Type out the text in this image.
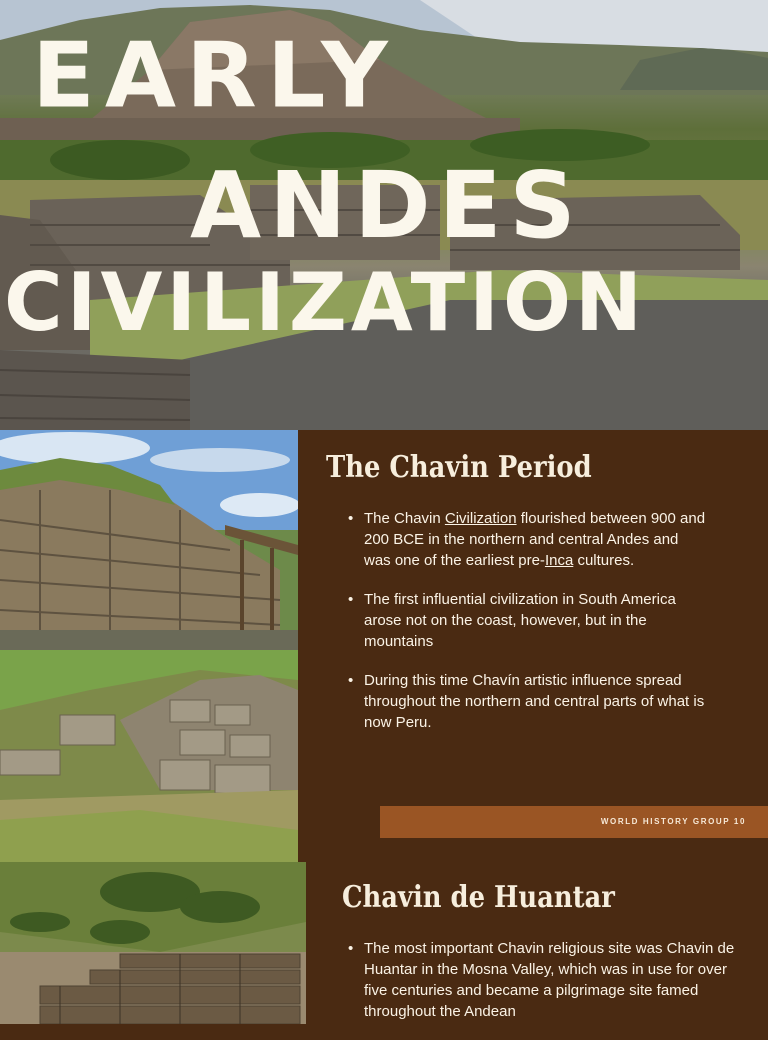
EARLY
ANDES
CIVILIZATION
The Chavin Period
• The Chavin Civilization flourished between 900 and 200 BCE in the northern and central Andes and was one of the earliest pre-Inca cultures.
• The first influential civilization in South America arose not on the coast, however, but in the mountains
• During this time Chavín artistic influence spread throughout the northern and central parts of what is now Peru.
WORLD HISTORY GROUP 10
Chavin de Huantar
• The most important Chavin religious site was Chavin de Huantar in the Mosna Valley, which was in use for over five centuries and became a pilgrimage site famed throughout the Andean
